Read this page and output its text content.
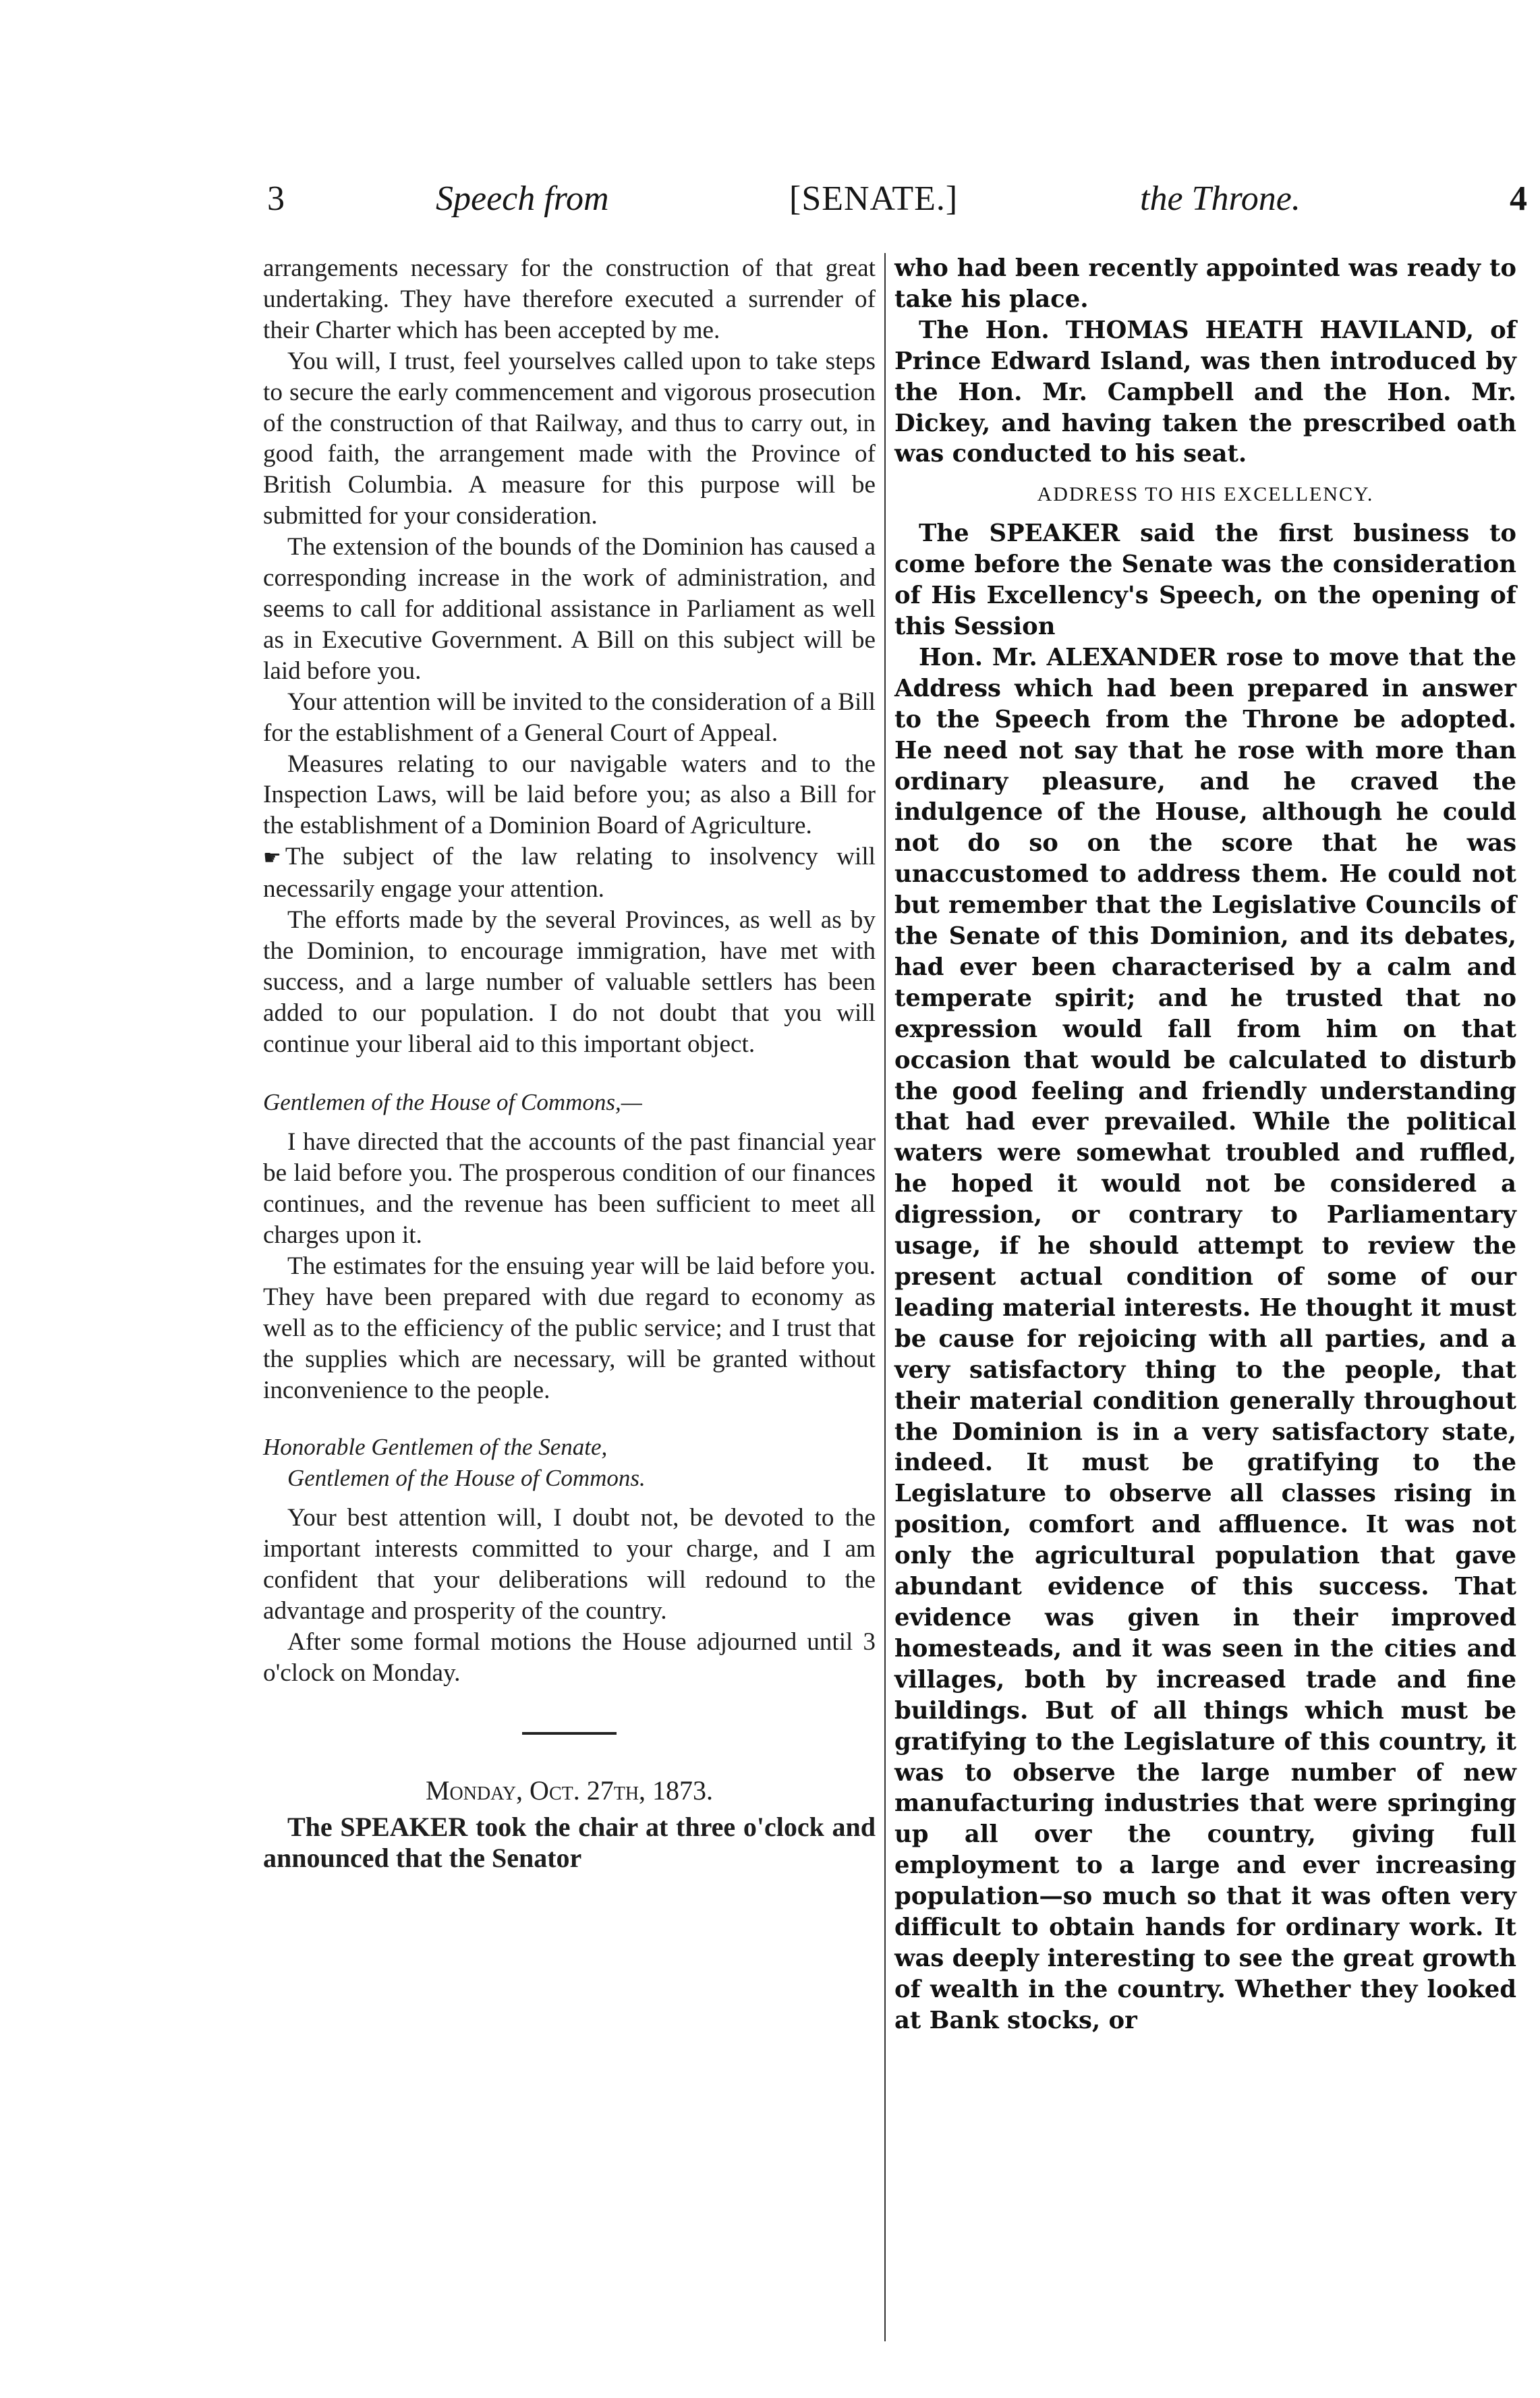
3	Speech from	[SENATE.]	the Throne.	4

arrangements necessary for the construction of that great undertaking. They have therefore executed a surrender of their Charter which has been accepted by me.

You will, I trust, feel yourselves called upon to take steps to secure the early commencement and vigorous prosecution of the construction of that Railway, and thus to carry out, in good faith, the arrangement made with the Province of British Columbia. A measure for this purpose will be submitted for your consideration.

The extension of the bounds of the Dominion has caused a corresponding increase in the work of administration, and seems to call for additional assistance in Parliament as well as in Executive Government. A Bill on this subject will be laid before you.

Your attention will be invited to the consideration of a Bill for the establishment of a General Court of Appeal.

Measures relating to our navigable waters and to the Inspection Laws, will be laid before you; as also a Bill for the establishment of a Dominion Board of Agriculture.

☛ The subject of the law relating to insolvency will necessarily engage your attention.

The efforts made by the several Provinces, as well as by the Dominion, to encourage immigration, have met with success, and a large number of valuable settlers has been added to our population. I do not doubt that you will continue your liberal aid to this important object.

Gentlemen of the House of Commons,—

I have directed that the accounts of the past financial year be laid before you. The prosperous condition of our finances continues, and the revenue has been sufficient to meet all charges upon it.

The estimates for the ensuing year will be laid before you. They have been prepared with due regard to economy as well as to the efficiency of the public service; and I trust that the supplies which are necessary, will be granted without inconvenience to the people.

Honorable Gentlemen of the Senate,

Gentlemen of the House of Commons.

Your best attention will, I doubt not, be devoted to the important interests committed to your charge, and I am confident that your deliberations will redound to the advantage and prosperity of the country.

After some formal motions the House adjourned until 3 o'clock on Monday.

Monday, Oct. 27th, 1873.

The SPEAKER took the chair at three o'clock and announced that the Senator

who had been recently appointed was ready to take his place.

The Hon. THOMAS HEATH HAVILAND, of Prince Edward Island, was then introduced by the Hon. Mr. Campbell and the Hon. Mr. Dickey, and having taken the prescribed oath was conducted to his seat.

ADDRESS TO HIS EXCELLENCY.

The SPEAKER said the first business to come before the Senate was the consideration of His Excellency's Speech, on the opening of this Session

Hon. Mr. ALEXANDER rose to move that the Address which had been prepared in answer to the Speech from the Throne be adopted. He need not say that he rose with more than ordinary pleasure, and he craved the indulgence of the House, although he could not do so on the score that he was unaccustomed to address them. He could not but remember that the Legislative Councils of the Senate of this Dominion, and its debates, had ever been characterised by a calm and temperate spirit; and he trusted that no expression would fall from him on that occasion that would be calculated to disturb the good feeling and friendly understanding that had ever prevailed. While the political waters were somewhat troubled and ruffled, he hoped it would not be considered a digression, or contrary to Parliamentary usage, if he should attempt to review the present actual condition of some of our leading material interests. He thought it must be cause for rejoicing with all parties, and a very satisfactory thing to the people, that their material condition generally throughout the Dominion is in a very satisfactory state, indeed. It must be gratifying to the Legislature to observe all classes rising in position, comfort and affluence. It was not only the agricultural population that gave abundant evidence of this success. That evidence was given in their improved homesteads, and it was seen in the cities and villages, both by increased trade and fine buildings. But of all things which must be gratifying to the Legislature of this country, it was to observe the large number of new manufacturing industries that were springing up all over the country, giving full employment to a large and ever increasing population—so much so that it was often very difficult to obtain hands for ordinary work. It was deeply interesting to see the great growth of wealth in the country. Whether they looked at Bank stocks, or
